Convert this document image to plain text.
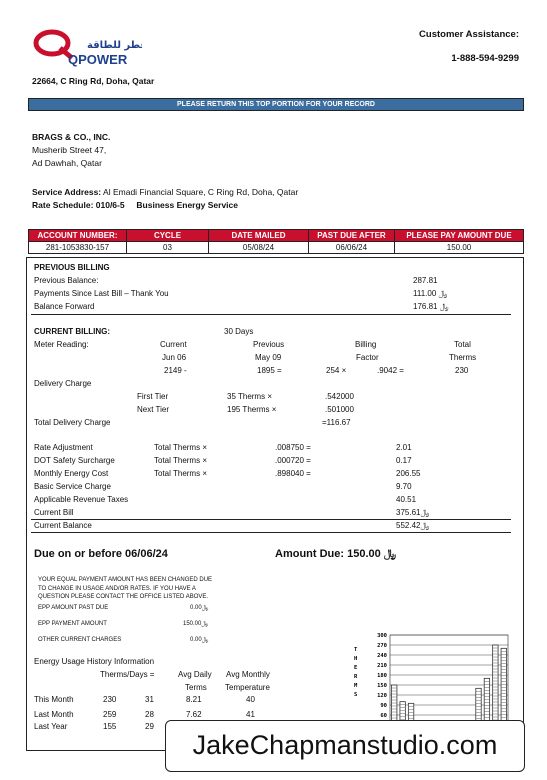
QPOWER
قطر للطاقة
Customer Assistance:
1-888-594-9299
22664, C Ring Rd, Doha, Qatar
PLEASE RETURN THIS TOP PORTION FOR YOUR RECORD
BRAGS & CO., INC.
Musherib Street 47,
Ad Dawhah, Qatar
Service Address: Al Emadi Financial Square, C Ring Rd, Doha, Qatar
Rate Schedule: 010/6-5 Business Energy Service
ACCOUNT NUMBER:	CYCLE	DATE MAILED	PAST DUE AFTER	PLEASE PAY AMOUNT DUE
281-1053830-157	03	05/08/24	06/06/24	150.00
PREVIOUS BILLING
Previous Balance:	287.81
Payments Since Last Bill – Thank You	111.00 ﷼
Balance Forward	176.81 ﷼
CURRENT BILLING:	30 Days
Meter Reading:	Current	Previous	Billing	Total
Jun 06	May 09	Factor	Therms
2149 -	1895 =	254 ×	.9042 =	230
Delivery Charge
First Tier	35 Therms ×	.542000
Next Tier	195 Therms ×	.501000
Total Delivery Charge	=116.67
Rate Adjustment	Total Therms ×	.008750 =	2.01
DOT Safety Surcharge	Total Therms ×	.000720 =	0.17
Monthly Energy Cost	Total Therms ×	.898040 =	206.55
Basic Service Charge	9.70
Applicable Revenue Taxes	40.51
Current Bill	375.61﷼
Current Balance	552.42﷼
Due on or before 06/06/24	Amount Due: 150.00 ﷼
YOUR EQUAL PAYMENT AMOUNT HAS BEEN CHANGED DUE
TO CHANGE IN USAGE AND/OR RATES. IF YOU HAVE A
QUESTION PLEASE CONTACT THE OFFICE LISTED ABOVE.
EPP AMOUNT PAST DUE	0.00﷼
EPP PAYMENT AMOUNT	150.00﷼
OTHER CURRENT CHARGES	0.00﷼
Energy Usage History Information
Therms/Days =	Avg Daily
Terms
Avg Monthly
Temperature
This Month	230	31	8.21	40
Last Month	259	28	7.62	41
Last Year	155	29
T
H
E
R
M
S
300
270
240
210
180
150
120
90
60
JakeChapmanstudio.com
